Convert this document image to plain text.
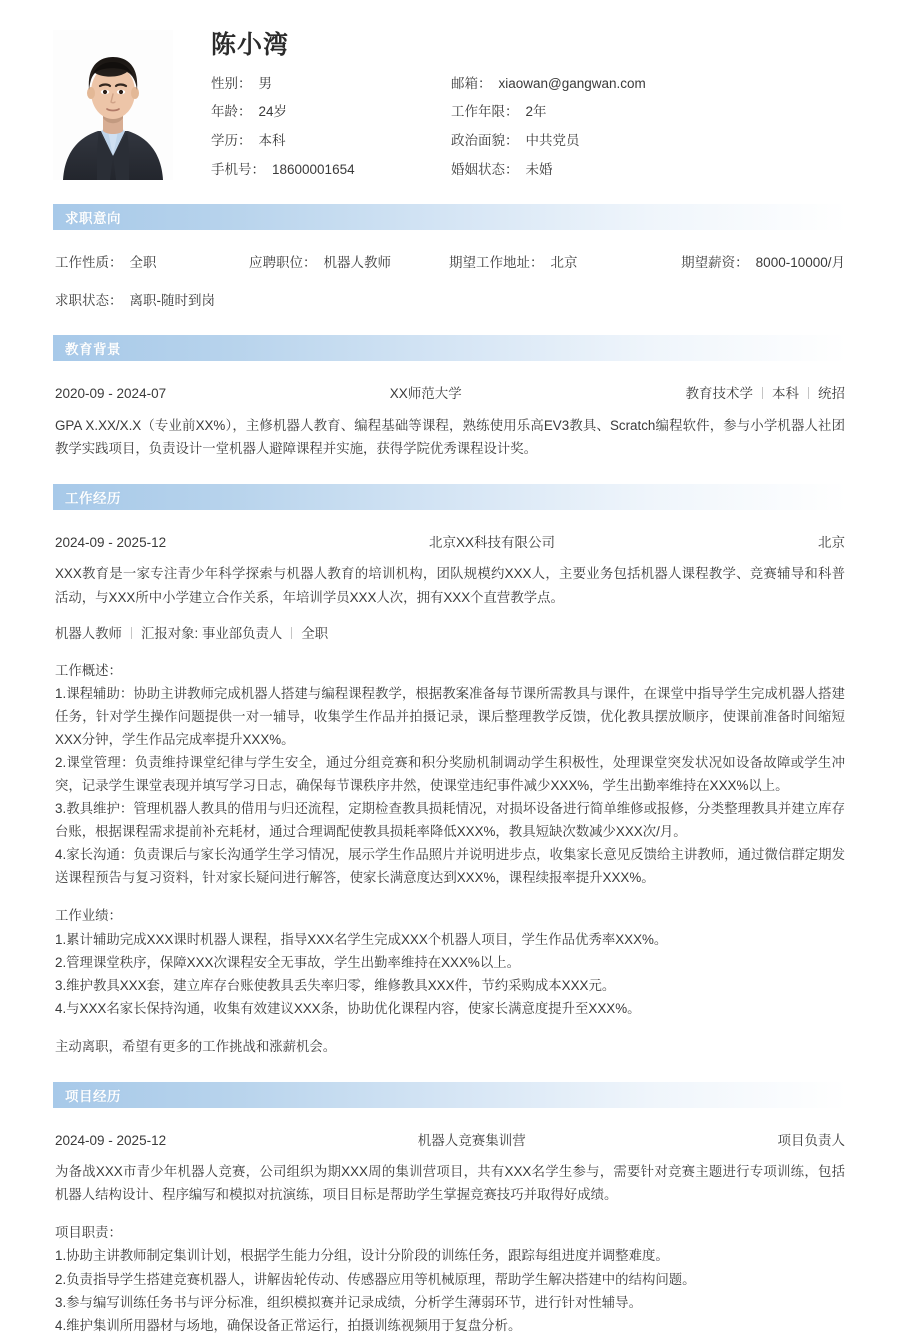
陈小湾
性别： 男	邮箱： xiaowan@gangwan.com
年龄： 24岁	工作年限： 2年
学历： 本科	政治面貌： 中共党员
手机号： 18600001654	婚姻状态： 未婚
求职意向
工作性质： 全职	应聘职位： 机器人教师	期望工作地址： 北京	期望薪资： 8000-10000/月
求职状态： 离职-随时到岗
教育背景
2020-09 - 2024-07	XX师范大学	教育技术学 本科 统招
GPA X.XX/X.X（专业前XX%），主修机器人教育、编程基础等课程，熟练使用乐高EV3教具、Scratch编程软件，参与小学机器人社团教学实践项目，负责设计一堂机器人避障课程并实施，获得学院优秀课程设计奖。
工作经历
2024-09 - 2025-12	北京XX科技有限公司	北京
XXX教育是一家专注青少年科学探索与机器人教育的培训机构，团队规模约XXX人，主要业务包括机器人课程教学、竞赛辅导和科普活动，与XXX所中小学建立合作关系，年培训学员XXX人次，拥有XXX个直营教学点。
机器人教师 汇报对象: 事业部负责人 全职
工作概述：
1.课程辅助：协助主讲教师完成机器人搭建与编程课程教学，根据教案准备每节课所需教具与课件，在课堂中指导学生完成机器人搭建任务，针对学生操作问题提供一对一辅导，收集学生作品并拍摄记录，课后整理教学反馈，优化教具摆放顺序，使课前准备时间缩短XXX分钟，学生作品完成率提升XXX%。
2.课堂管理：负责维持课堂纪律与学生安全，通过分组竞赛和积分奖励机制调动学生积极性，处理课堂突发状况如设备故障或学生冲突，记录学生课堂表现并填写学习日志，确保每节课秩序井然，使课堂违纪事件减少XXX%，学生出勤率维持在XXX%以上。
3.教具维护：管理机器人教具的借用与归还流程，定期检查教具损耗情况，对损坏设备进行简单维修或报修，分类整理教具并建立库存台账，根据课程需求提前补充耗材，通过合理调配使教具损耗率降低XXX%，教具短缺次数减少XXX次/月。
4.家长沟通：负责课后与家长沟通学生学习情况，展示学生作品照片并说明进步点，收集家长意见反馈给主讲教师，通过微信群定期发送课程预告与复习资料，针对家长疑问进行解答，使家长满意度达到XXX%，课程续报率提升XXX%。
工作业绩：
1.累计辅助完成XXX课时机器人课程，指导XXX名学生完成XXX个机器人项目，学生作品优秀率XXX%。
2.管理课堂秩序，保障XXX次课程安全无事故，学生出勤率维持在XXX%以上。
3.维护教具XXX套，建立库存台账使教具丢失率归零，维修教具XXX件，节约采购成本XXX元。
4.与XXX名家长保持沟通，收集有效建议XXX条，协助优化课程内容，使家长满意度提升至XXX%。
主动离职，希望有更多的工作挑战和涨薪机会。
项目经历
2024-09 - 2025-12	机器人竞赛集训营	项目负责人
为备战XXX市青少年机器人竞赛，公司组织为期XXX周的集训营项目，共有XXX名学生参与，需要针对竞赛主题进行专项训练，包括机器人结构设计、程序编写和模拟对抗演练，项目目标是帮助学生掌握竞赛技巧并取得好成绩。
项目职责：
1.协助主讲教师制定集训计划，根据学生能力分组，设计分阶段的训练任务，跟踪每组进度并调整难度。
2.负责指导学生搭建竞赛机器人，讲解齿轮传动、传感器应用等机械原理，帮助学生解决搭建中的结构问题。
3.参与编写训练任务书与评分标准，组织模拟赛并记录成绩，分析学生薄弱环节，进行针对性辅导。
4.维护集训所用器材与场地，确保设备正常运行，拍摄训练视频用于复盘分析。
